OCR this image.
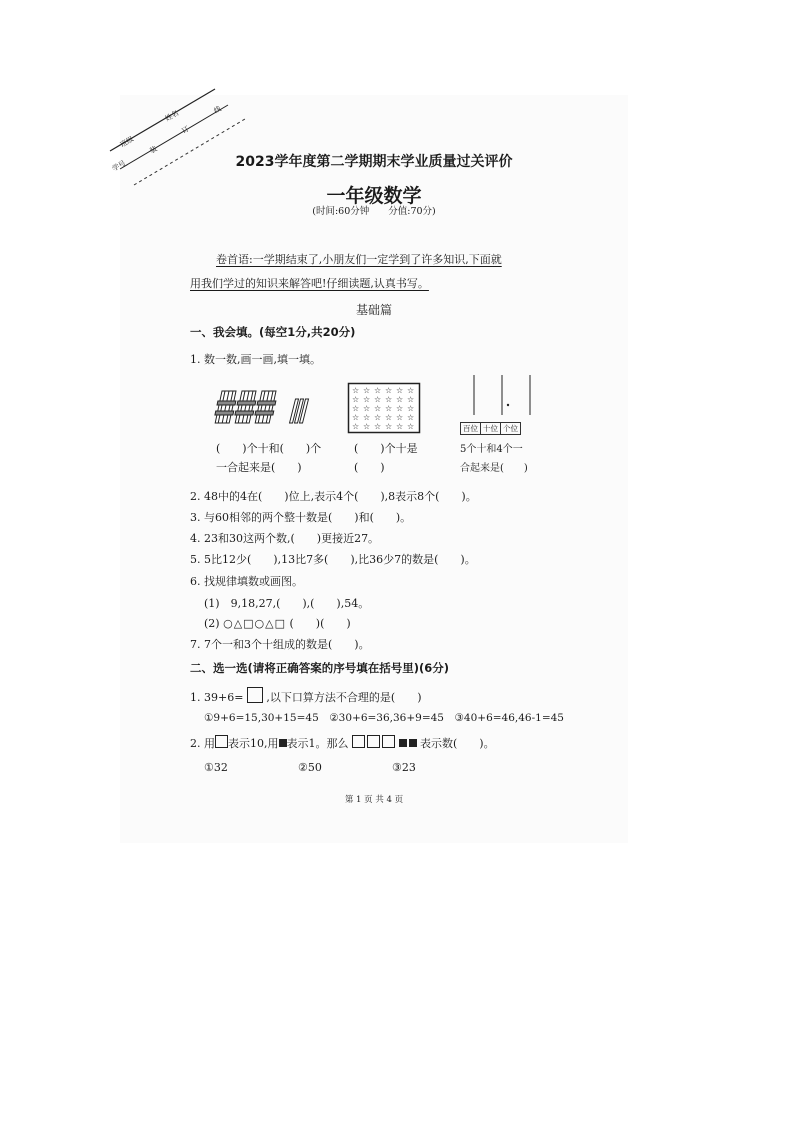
班级
姓名
学号
装
订
线
2023学年度第二学期期末学业质量过关评价
一年级数学
(时间:60分钟　　分值:70分)
卷首语:一学期结束了,小朋友们一定学到了许多知识,下面就
用我们学过的知识来解答吧!仔细读题,认真书写。
基础篇
一、我会填。(每空1分,共20分)
1. 数一数,画一画,填一填。
(　　)个十和(　　)个
一合起来是(　　)
☆ ☆ ☆ ☆ ☆ ☆
☆ ☆ ☆ ☆ ☆ ☆
☆ ☆ ☆ ☆ ☆ ☆
☆ ☆ ☆ ☆ ☆ ☆
☆ ☆ ☆ ☆ ☆ ☆
(　　)个十是
(　　)
百位 十位 个位
5个十和4个一
合起来是(　　)
2. 48中的4在(　　)位上,表示4个(　　),8表示8个(　　)。
3. 与60相邻的两个整十数是(　　)和(　　)。
4. 23和30这两个数,(　　)更接近27。
5. 5比12少(　　),13比7多(　　),比36少7的数是(　　)。
6. 找规律填数或画图。
(1)　9,18,27,(　　),(　　),54。
(2) ○△□○△□ (　　)(　　)
7. 7个一和3个十组成的数是(　　)。
二、选一选(请将正确答案的序号填在括号里)(6分)
1. 39+6= ,以下口算方法不合理的是(　　)
①9+6=15,30+15=45　②30+6=36,36+9=45　③40+6=46,46-1=45
2. 用 表示10,用 表示1。那么	表示数(　　)。
①32	②50	③23
第 1 页 共 4 页
